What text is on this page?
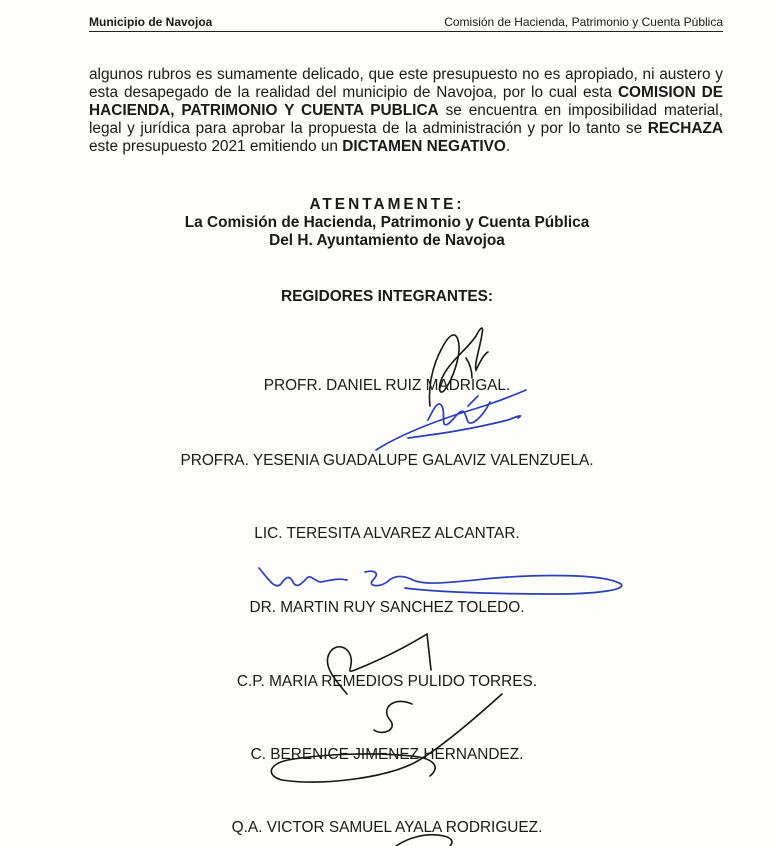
Municipio de Navojoa	Comisión de Hacienda, Patrimonio y Cuenta Pública

algunos rubros es sumamente delicado, que este presupuesto no es apropiado, ni austero y esta desapegado de la realidad del municipio de Navojoa, por lo cual esta COMISION DE HACIENDA, PATRIMONIO Y CUENTA PUBLICA se encuentra en imposibilidad material, legal y jurídica para aprobar la propuesta de la administración y por lo tanto se RECHAZA este presupuesto 2021 emitiendo un DICTAMEN NEGATIVO.

ATENTAMENTE:
La Comisión de Hacienda, Patrimonio y Cuenta Pública
Del H. Ayuntamiento de Navojoa
REGIDORES INTEGRANTES:
PROFR. DANIEL RUIZ MADRIGAL.
PROFRA. YESENIA GUADALUPE GALAVIZ VALENZUELA.
LIC. TERESITA ALVAREZ ALCANTAR.
DR. MARTIN RUY SANCHEZ TOLEDO.
C.P. MARIA REMEDIOS PULIDO TORRES.
C. BERENICE JIMENEZ HERNANDEZ.
Q.A. VICTOR SAMUEL AYALA RODRIGUEZ.
